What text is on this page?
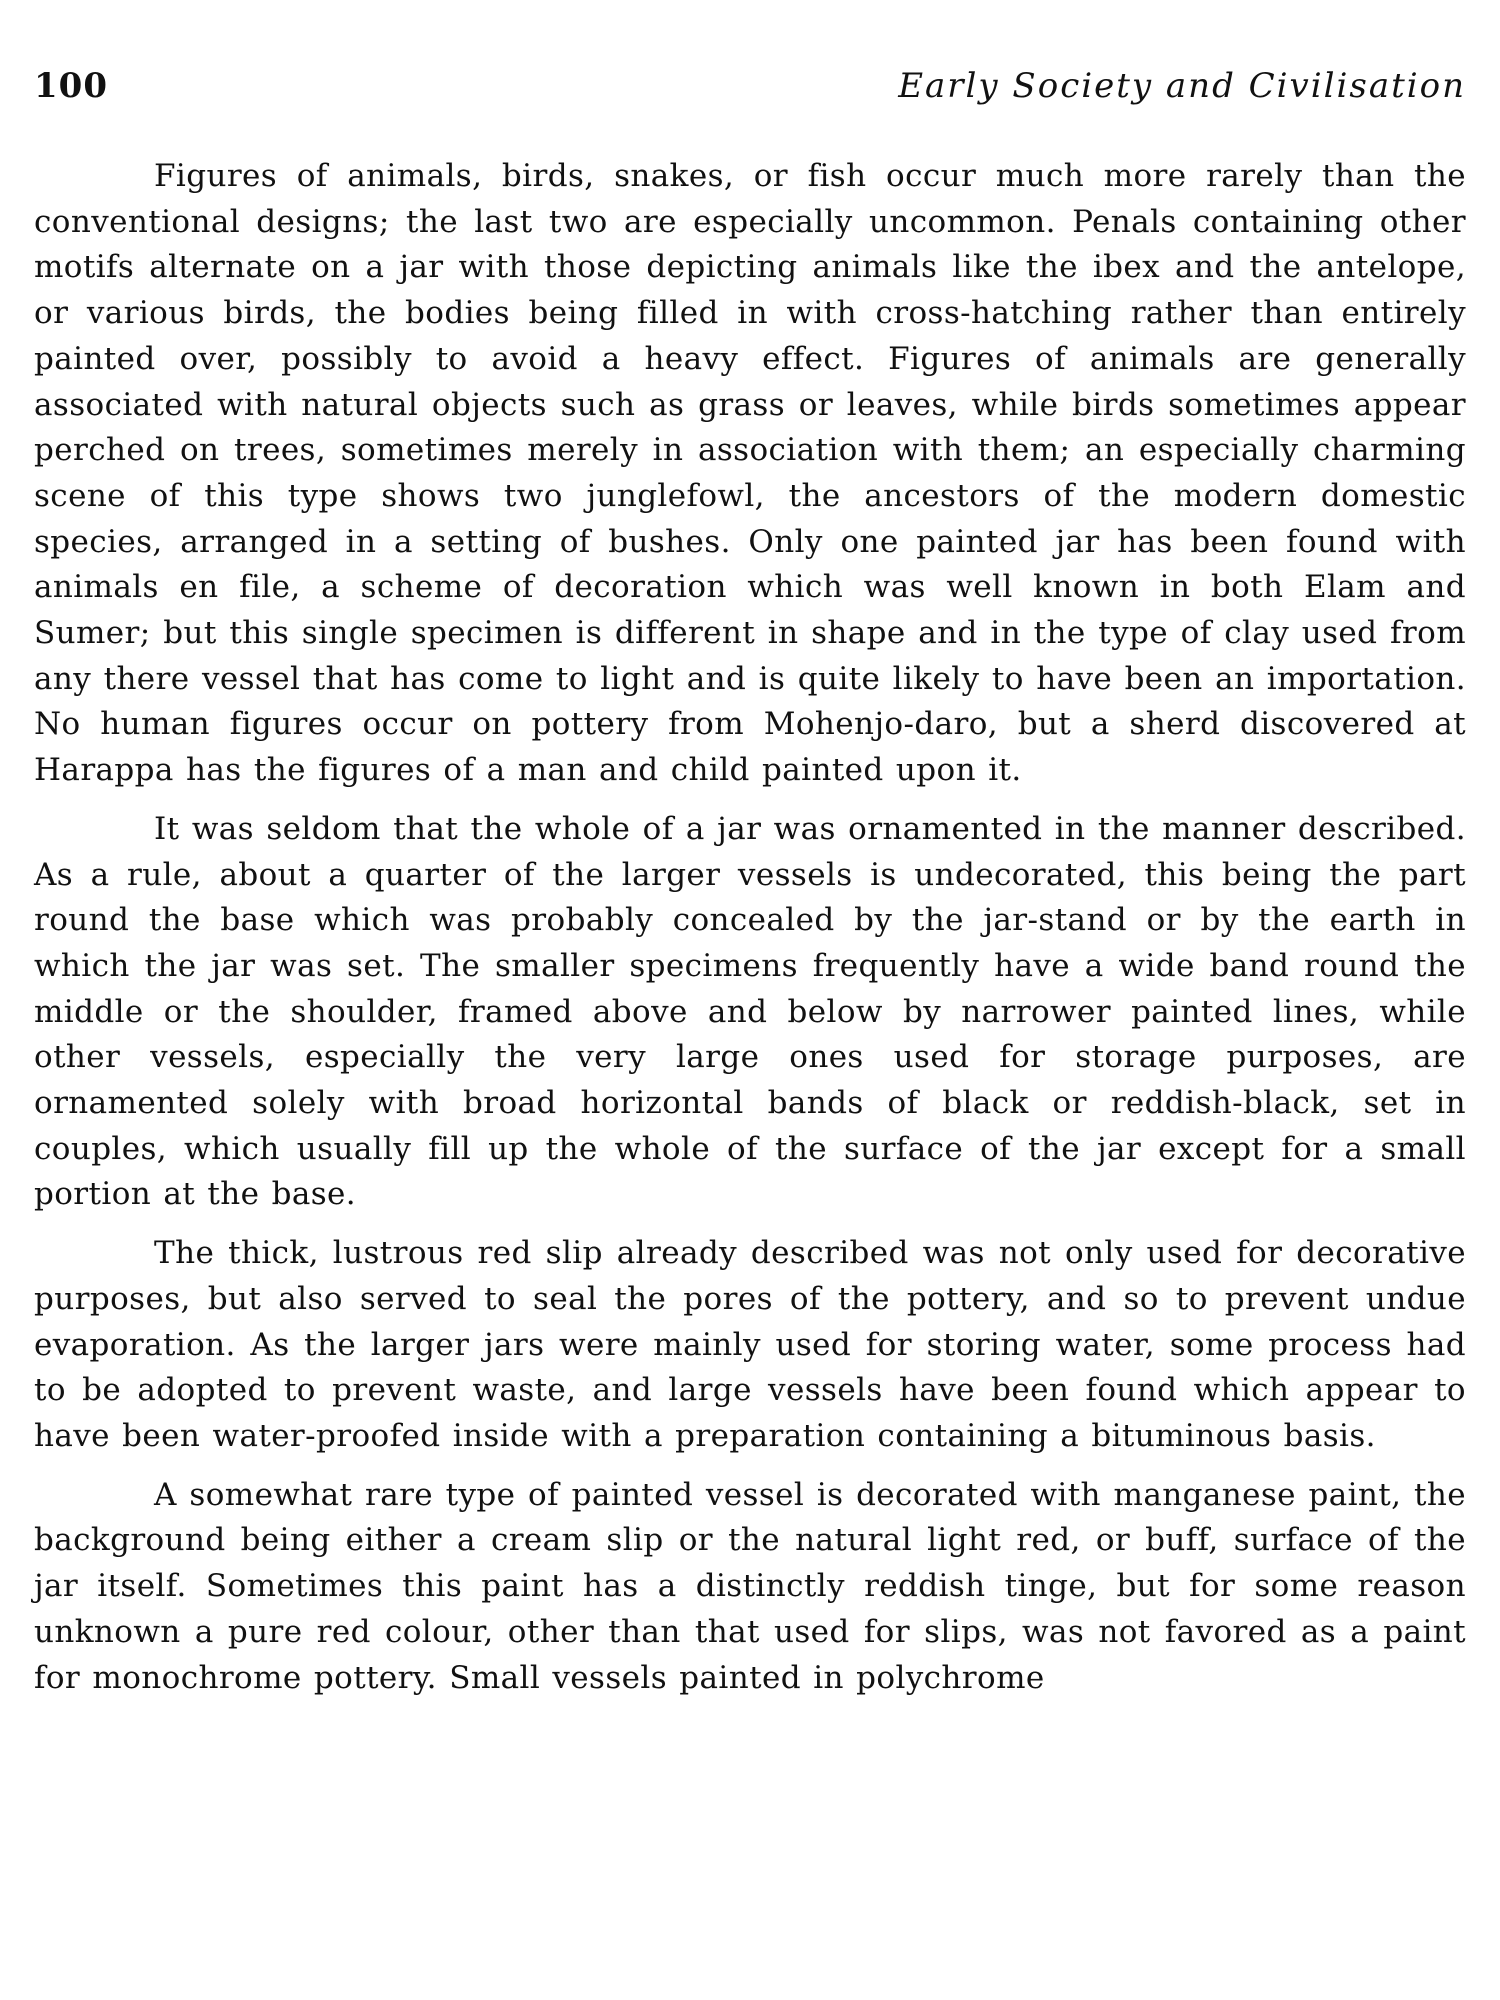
100	Early Society and Civilisation

Figures of animals, birds, snakes, or fish occur much more rarely than the conventional designs; the last two are especially uncommon. Penals containing other motifs alternate on a jar with those depicting animals like the ibex and the antelope, or various birds, the bodies being filled in with cross-hatching rather than entirely painted over, possibly to avoid a heavy effect. Figures of animals are generally associated with natural objects such as grass or leaves, while birds sometimes appear perched on trees, sometimes merely in association with them; an especially charming scene of this type shows two junglefowl, the ancestors of the modern domestic species, arranged in a setting of bushes. Only one painted jar has been found with animals en file, a scheme of decoration which was well known in both Elam and Sumer; but this single specimen is different in shape and in the type of clay used from any there vessel that has come to light and is quite likely to have been an importation. No human figures occur on pottery from Mohenjo-daro, but a sherd discovered at Harappa has the figures of a man and child painted upon it.

It was seldom that the whole of a jar was ornamented in the manner described. As a rule, about a quarter of the larger vessels is undecorated, this being the part round the base which was probably concealed by the jar-stand or by the earth in which the jar was set. The smaller specimens frequently have a wide band round the middle or the shoulder, framed above and below by narrower painted lines, while other vessels, especially the very large ones used for storage purposes, are ornamented solely with broad horizontal bands of black or reddish-black, set in couples, which usually fill up the whole of the surface of the jar except for a small portion at the base.

The thick, lustrous red slip already described was not only used for decorative purposes, but also served to seal the pores of the pottery, and so to prevent undue evaporation. As the larger jars were mainly used for storing water, some process had to be adopted to prevent waste, and large vessels have been found which appear to have been water-proofed inside with a preparation containing a bituminous basis.

A somewhat rare type of painted vessel is decorated with manganese paint, the background being either a cream slip or the natural light red, or buff, surface of the jar itself. Sometimes this paint has a distinctly reddish tinge, but for some reason unknown a pure red colour, other than that used for slips, was not favored as a paint for monochrome pottery. Small vessels painted in polychrome
